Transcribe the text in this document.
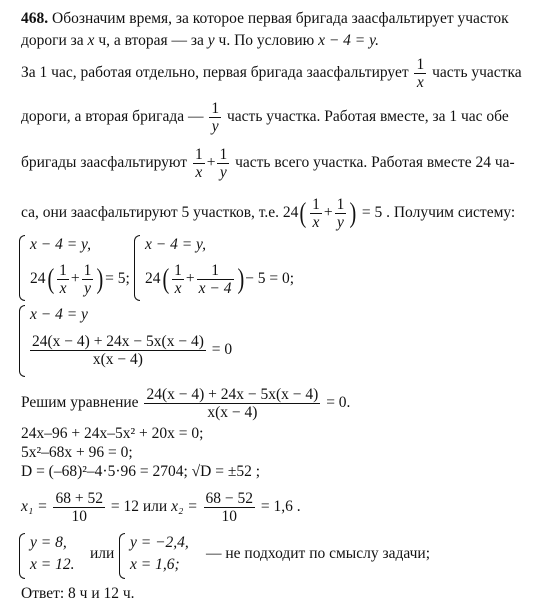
468. Обозначим время, за которое первая бригада заасфальтирует участок
дороги за x ч, а вторая — за y ч. По условию x − 4 = y.
За 1 час, работая отдельно, первая бригада заасфальтирует $\frac{1}{x}$ часть участка
дороги, а вторая бригада — $\frac{1}{y}$ часть участка. Работая вместе, за 1 час обе
бригады заасфальтируют $\frac{1}{x} + \frac{1}{y}$ часть всего участка. Работая вместе 24 ча-
са, они заасфальтируют 5 участков, т.е. $24( \frac{1}{x} + \frac{1}{y}$ ) = 5 . Получим систему:
x − 4 = y,
$24( \frac{1}{x} + \frac{1}{y}$ )= 5;
x − 4 = y,
$24( \frac{1}{x} + \frac{1}{x - 4}$ )− 5 = 0;
x − 4 = y
$\frac{24(x - 4) + 24x - 5x(x - 4)}{x(x - 4)} = 0$
Решим уравнение $\frac{24(x - 4) + 24x - 5x(x - 4)}{x(x - 4)} = 0$.
24x–96 + 24x–5x² + 20x = 0;
5x²–68x + 96 = 0;
D = (–68)²–4·5·96 = 2704; √D = ±52 ;
$x_1 = \frac{68 + 52}{10} = 12$ или $x_2 = \frac{68 - 52}{10} = 1,6$ .
y = 8,
x = 12.
или
y = −2,4,
x = 1,6;
— не подходит по смыслу задачи;
Ответ: 8 ч и 12 ч.
